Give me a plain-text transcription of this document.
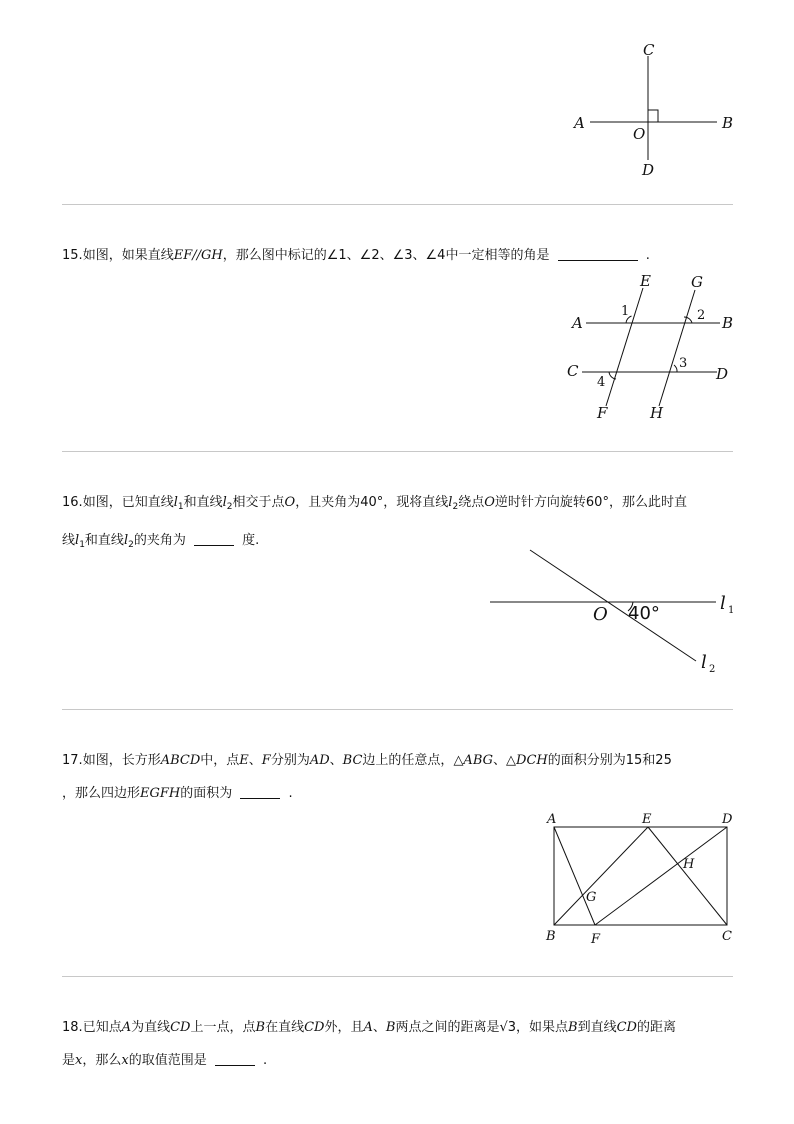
C
A
O
B
D
15.如图，如果直线EF//GH，那么图中标记的∠1、∠2、∠3、∠4中一定相等的角是	.
E	G
1	2
A	B
C	3
D
4
F	H
16.如图，已知直线$l_1$和直线$l_2$相交于点O，且夹角为40°，现将直线$l_2$绕点O逆时针方向旋转60°，那么此时直
线$l_1$和直线$l_2$的夹角为	度.
O 40°	l 1
l 2
17.如图，长方形ABCD中，点E、F分别为AD、BC边上的任意点，△ABG、△DCH的面积分别为15和25
，那么四边形EGFH的面积为	.
A	E	D
H
G
B	F	C
18.已知点A为直线CD上一点，点B在直线CD外，且A、B两点之间的距离是√3，如果点B到直线CD的距离
是x，那么x的取值范围是	.
